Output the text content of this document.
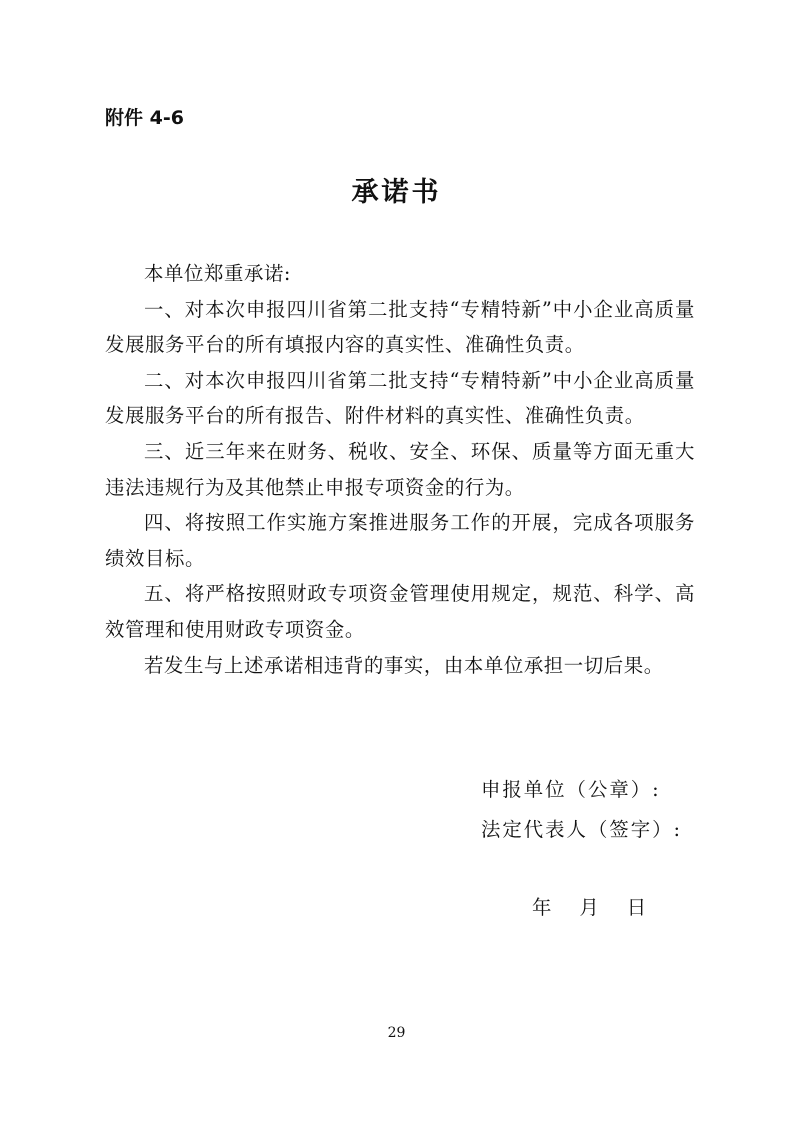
附件 4-6
承诺书

本单位郑重承诺:

一、对本次申报四川省第二批支持“专精特新”中小企业高质量发展服务平台的所有填报内容的真实性、准确性负责。

二、对本次申报四川省第二批支持“专精特新”中小企业高质量发展服务平台的所有报告、附件材料的真实性、准确性负责。

三、近三年来在财务、税收、安全、环保、质量等方面无重大违法违规行为及其他禁止申报专项资金的行为。

四、将按照工作实施方案推进服务工作的开展，完成各项服务绩效目标。

五、将严格按照财政专项资金管理使用规定，规范、科学、高效管理和使用财政专项资金。

若发生与上述承诺相违背的事实，由本单位承担一切后果。

申报单位（公章）:
法定代表人（签字）:
年 月 日
29
